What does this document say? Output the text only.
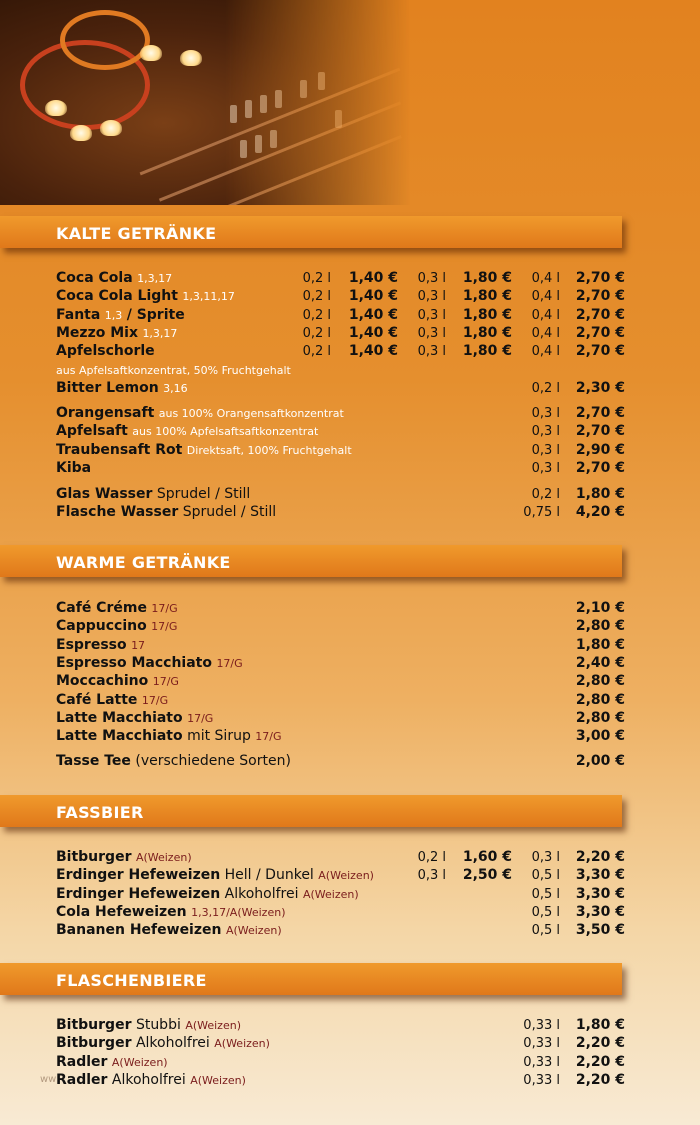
KALTE GETRÄNKE
Coca Cola 1,3,17	0,2 l	1,40 €	0,3 l	1,80 €	0,4 l	2,70 €
Coca Cola Light 1,3,11,17	0,2 l	1,40 €	0,3 l	1,80 €	0,4 l	2,70 €
Fanta 1,3 / Sprite	0,2 l	1,40 €	0,3 l	1,80 €	0,4 l	2,70 €
Mezzo Mix 1,3,17	0,2 l	1,40 €	0,3 l	1,80 €	0,4 l	2,70 €
Apfelschorle	0,2 l	1,40 €	0,3 l	1,80 €	0,4 l	2,70 €
aus Apfelsaftkonzentrat, 50% Fruchtgehalt
Bitter Lemon 3,16	0,2 l	2,30 €
Orangensaft aus 100% Orangensaftkonzentrat	0,3 l	2,70 €
Apfelsaft aus 100% Apfelsaftsaftkonzentrat	0,3 l	2,70 €
Traubensaft Rot Direktsaft, 100% Fruchtgehalt	0,3 l	2,90 €
Kiba	0,3 l	2,70 €
Glas Wasser Sprudel / Still	0,2 l	1,80 €
Flasche Wasser Sprudel / Still	0,75 l	4,20 €
WARME GETRÄNKE
Café Créme 17/G	2,10 €
Cappuccino 17/G	2,80 €
Espresso 17	1,80 €
Espresso Macchiato 17/G	2,40 €
Moccachino 17/G	2,80 €
Café Latte 17/G	2,80 €
Latte Macchiato 17/G	2,80 €
Latte Macchiato mit Sirup 17/G	3,00 €
Tasse Tee (verschiedene Sorten)	2,00 €
FASSBIER
Bitburger A(Weizen)	0,2 l	1,60 €	0,3 l	2,20 €
Erdinger Hefeweizen Hell / Dunkel A(Weizen)	0,3 l	2,50 €	0,5 l	3,30 €
Erdinger Hefeweizen Alkoholfrei A(Weizen)	0,5 l	3,30 €
Cola Hefeweizen 1,3,17/A(Weizen)	0,5 l	3,30 €
Bananen Hefeweizen A(Weizen)	0,5 l	3,50 €
FLASCHENBIERE
Bitburger Stubbi A(Weizen)	0,33 l	1,80 €
Bitburger Alkoholfrei A(Weizen)	0,33 l	2,20 €
Radler A(Weizen)	0,33 l	2,20 €
Radler Alkoholfrei A(Weizen)	0,33 l	2,20 €
ww
